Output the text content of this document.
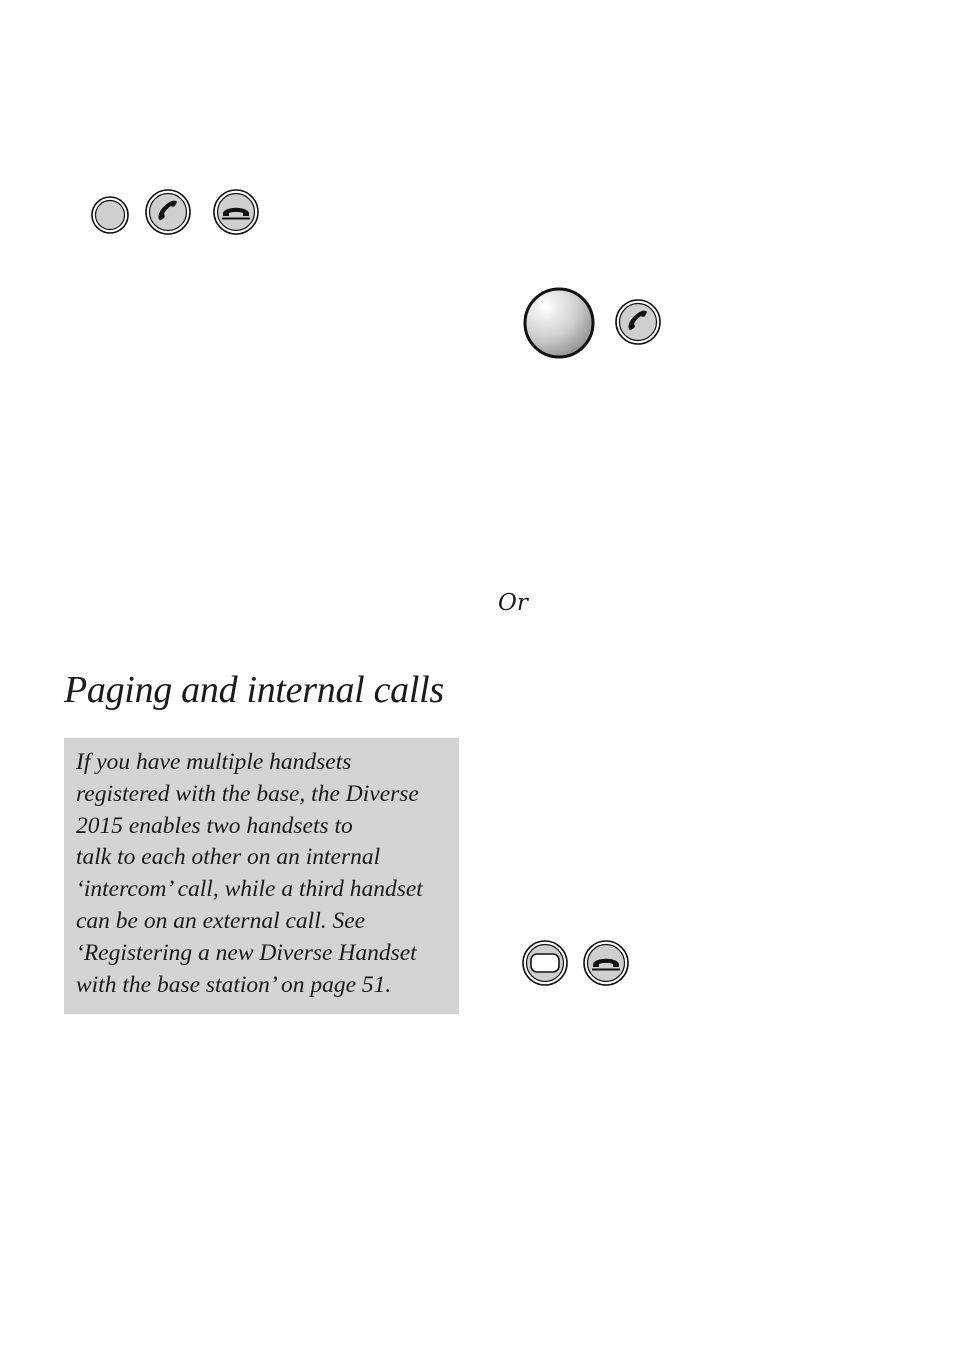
Or
Paging and internal calls

If you have multiple handsets
registered with the base, the Diverse
2015 enables two handsets to
talk to each other on an internal
‘intercom’ call, while a third handset
can be on an external call. See
‘Registering a new Diverse Handset
with the base station’ on page 51.
